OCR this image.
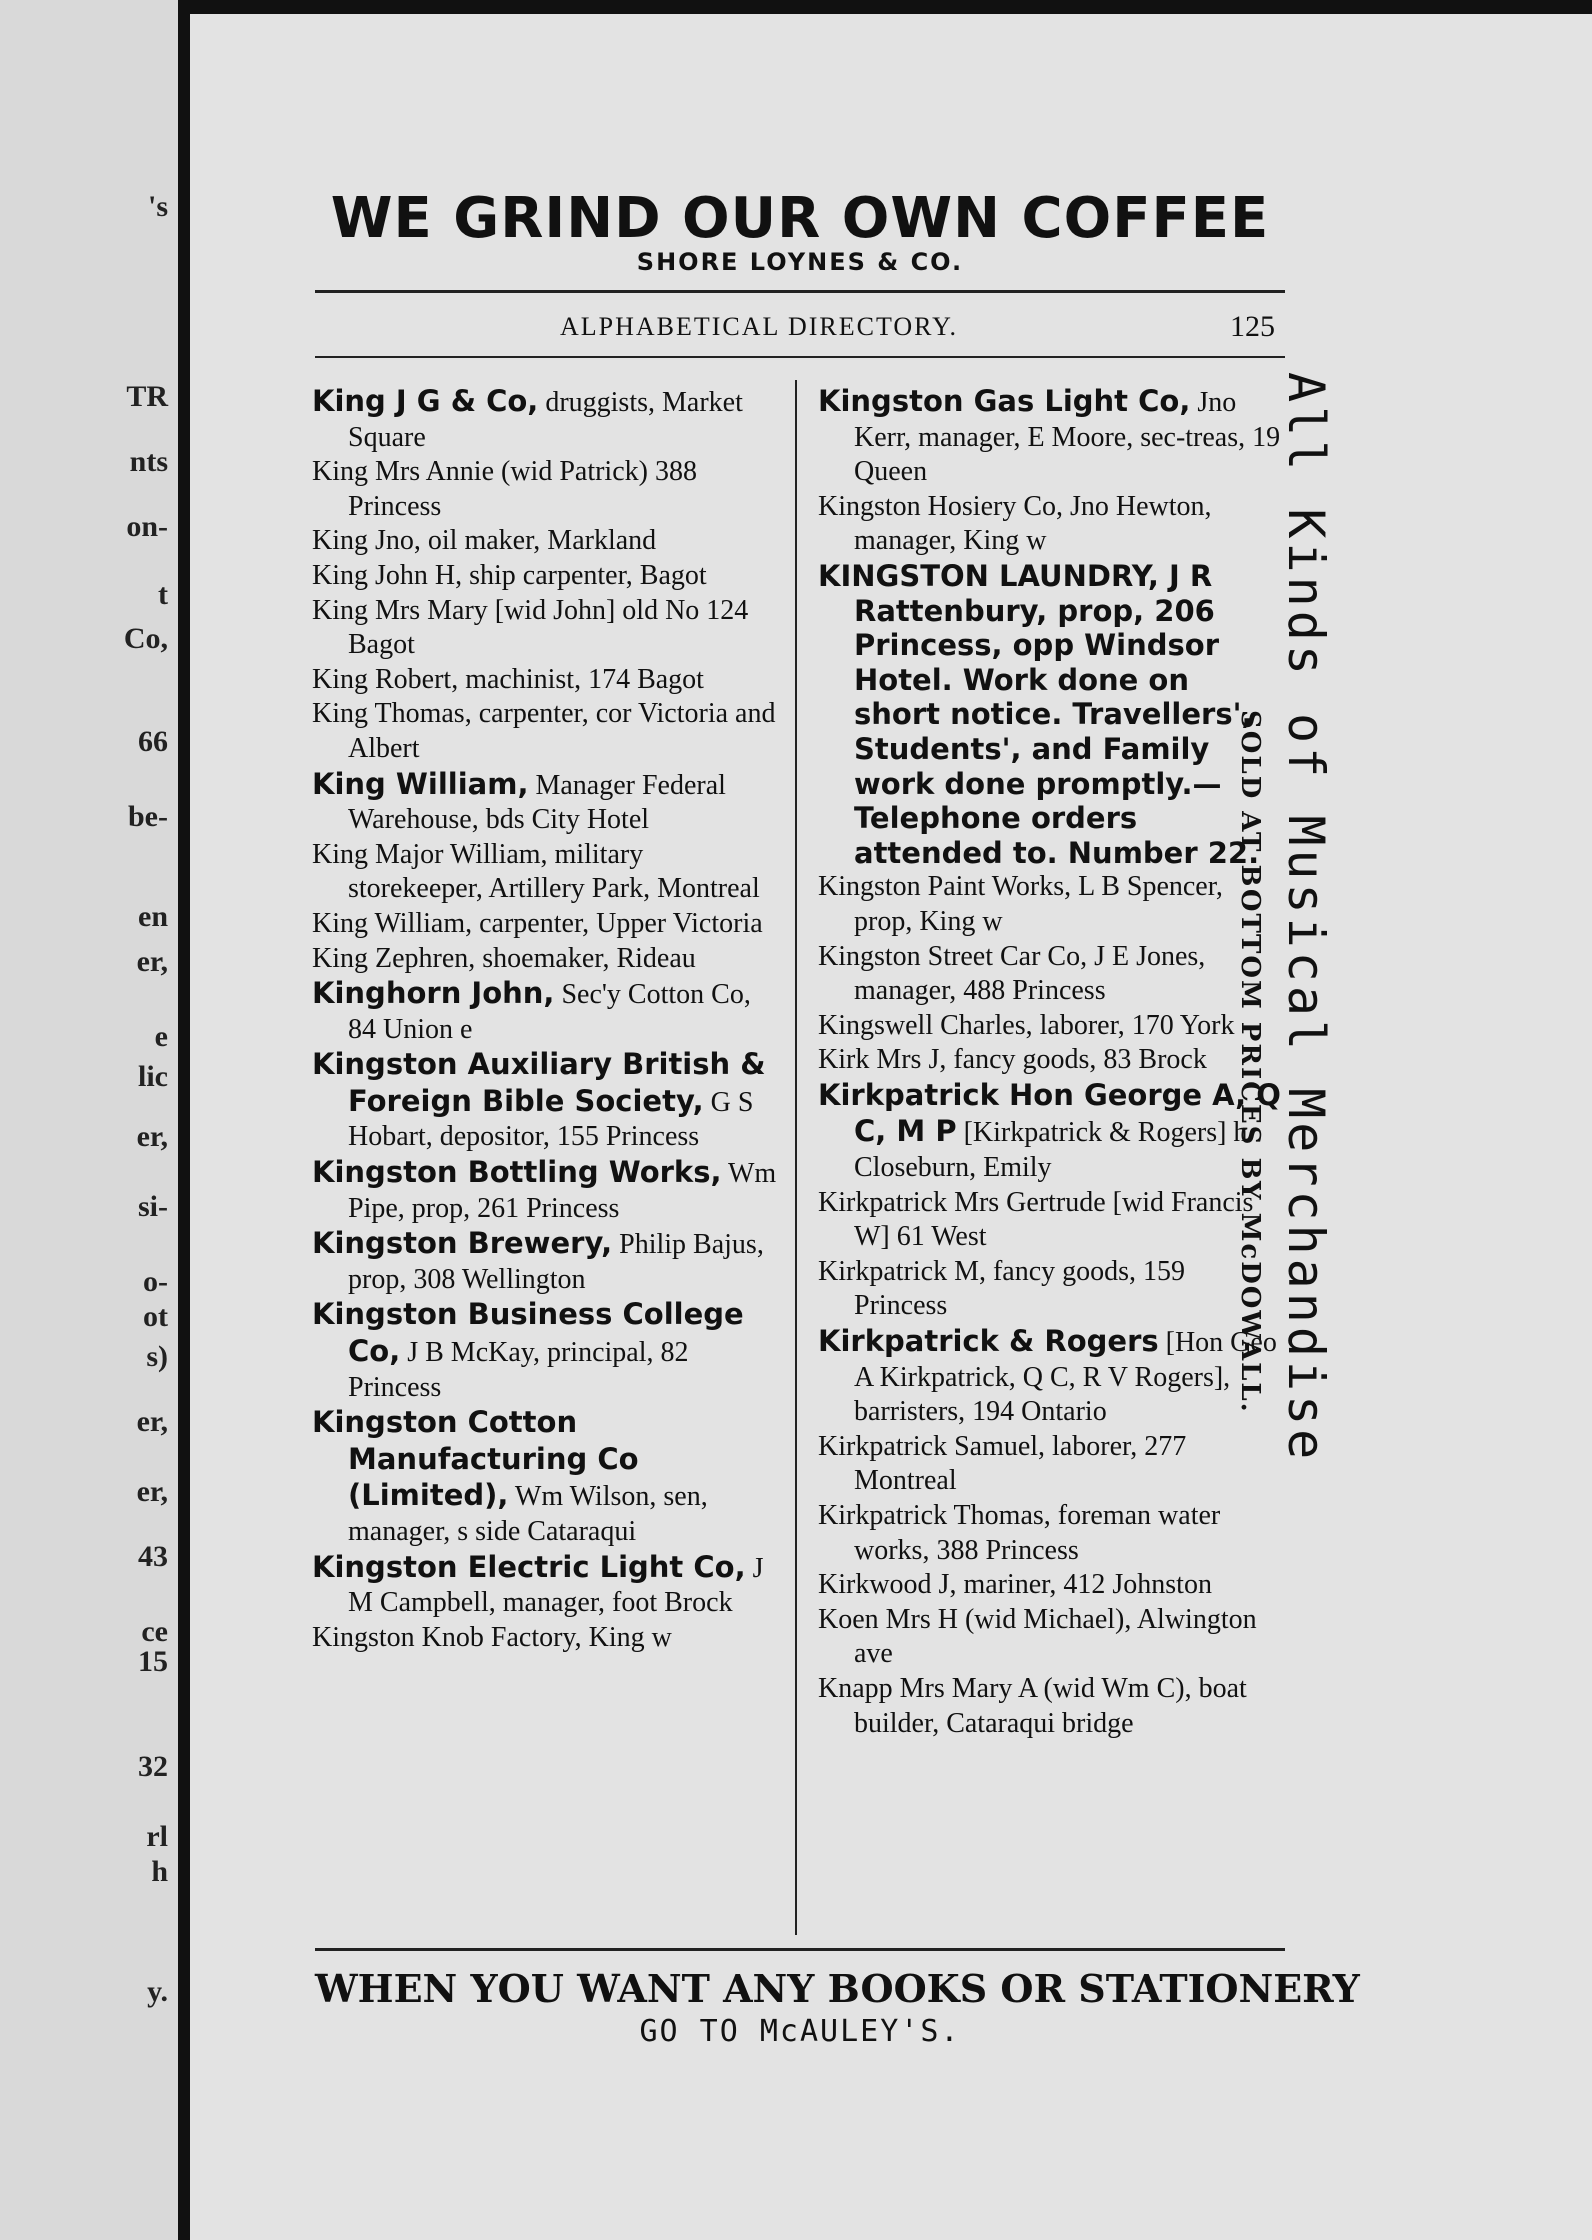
's
TR
nts
on-
t
Co,
66
be-
en
er,
e
lic
er,
si-
o-
ot
s)
er,
er,
43
ce
15
32
rl
h
y.
WE GRIND OUR OWN COFFEE
SHORE LOYNES & CO.
ALPHABETICAL DIRECTORY.	125
King J G & Co, druggists, Market Square
King Mrs Annie (wid Patrick) 388 Princess
King Jno, oil maker, Markland
King John H, ship carpenter, Bagot
King Mrs Mary [wid John] old No 124 Bagot
King Robert, machinist, 174 Bagot
King Thomas, carpenter, cor Victoria and Albert
King William, Manager Federal Warehouse, bds City Hotel
King Major William, military storekeeper, Artillery Park, Montreal
King William, carpenter, Upper Victoria
King Zephren, shoemaker, Rideau
Kinghorn John, Sec'y Cotton Co, 84 Union e
Kingston Auxiliary British & Foreign Bible Society, G S Hobart, depositor, 155 Princess
Kingston Bottling Works, Wm Pipe, prop, 261 Princess
Kingston Brewery, Philip Bajus, prop, 308 Wellington
Kingston Business College Co, J B McKay, principal, 82 Princess
Kingston Cotton Manufacturing Co (Limited), Wm Wilson, sen, manager, s side Cataraqui
Kingston Electric Light Co, J M Campbell, manager, foot Brock
Kingston Knob Factory, King w
Kingston Gas Light Co, Jno Kerr, manager, E Moore, sec-treas, 19 Queen
Kingston Hosiery Co, Jno Hewton, manager, King w
KINGSTON LAUNDRY, J R Rattenbury, prop, 206 Princess, opp Windsor Hotel. Work done on short notice. Travellers', Students', and Family work done promptly.—Telephone orders attended to. Number 22.
Kingston Paint Works, L B Spencer, prop, King w
Kingston Street Car Co, J E Jones, manager, 488 Princess
Kingswell Charles, laborer, 170 York
Kirk Mrs J, fancy goods, 83 Brock
Kirkpatrick Hon George A, Q C, M P [Kirkpatrick & Rogers] h Closeburn, Emily
Kirkpatrick Mrs Gertrude [wid Francis W] 61 West
Kirkpatrick M, fancy goods, 159 Princess
Kirkpatrick & Rogers [Hon Geo A Kirkpatrick, Q C, R V Rogers], barristers, 194 Ontario
Kirkpatrick Samuel, laborer, 277 Montreal
Kirkpatrick Thomas, foreman water works, 388 Princess
Kirkwood J, mariner, 412 Johnston
Koen Mrs H (wid Michael), Alwington ave
Knapp Mrs Mary A (wid Wm C), boat builder, Cataraqui bridge
All Kinds of Musical Merchandise
SOLD AT BOTTOM PRICES BY McDOWALL.
WHEN YOU WANT ANY BOOKS OR STATIONERY
GO TO McAULEY'S.
